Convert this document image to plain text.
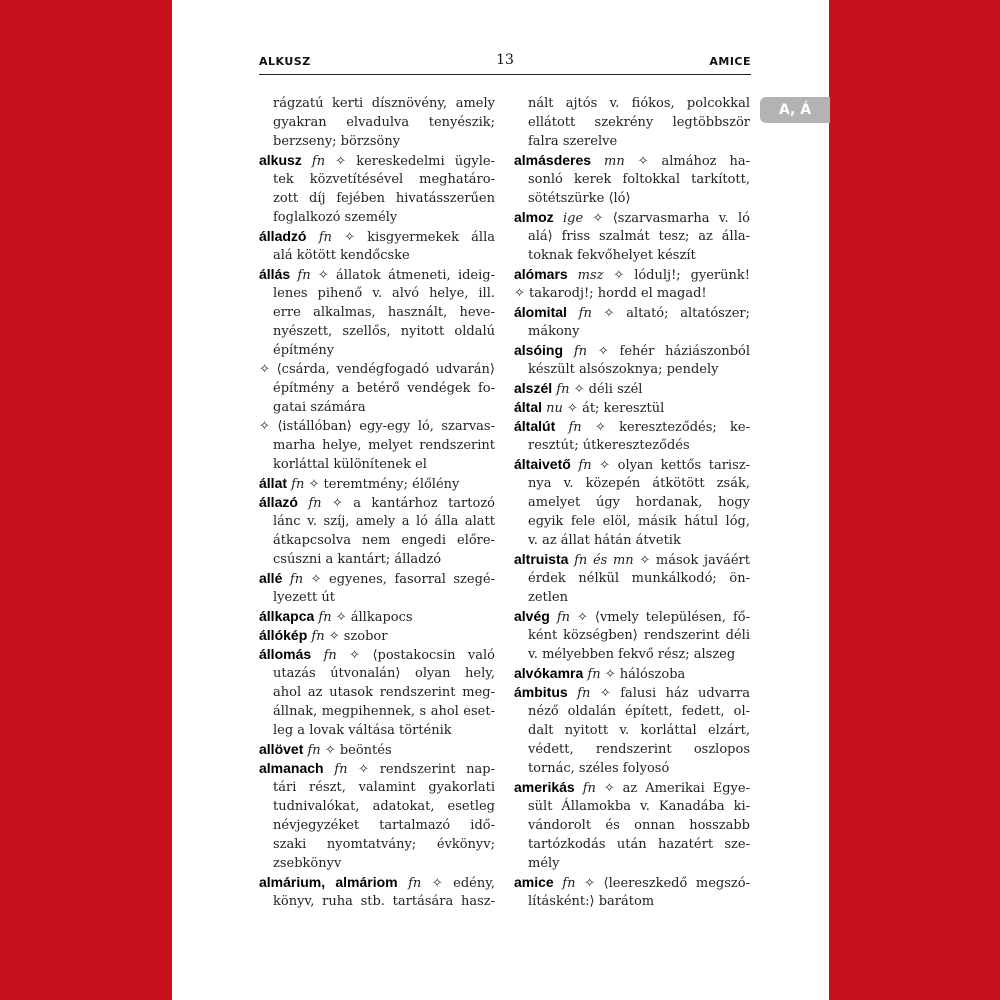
ALKUSZ	13	AMICE
A, Á
rágzatú kerti dísznövény, amely
gyakran elvadulva tenyészik;
berzseny; börzsöny
alkusz fn ✧ kereskedelmi ügyle-
tek közvetítésével meghatáro-
zott díj fejében hivatásszerűen
foglalkozó személy
álladzó fn ✧ kisgyermekek álla
alá kötött kendőcske
állás fn ✧ állatok átmeneti, ideig-
lenes pihenő v. alvó helye, ill.
erre alkalmas, használt, heve-
nyészett, szellős, nyitott oldalú
építmény
✧ ⟨csárda, vendégfogadó udvarán⟩
építmény a betérő vendégek fo-
gatai számára
✧ ⟨istállóban⟩ egy-egy ló, szarvas-
marha helye, melyet rendszerint
korláttal különítenek el
állat fn ✧ teremtmény; élőlény
állazó fn ✧ a kantárhoz tartozó
lánc v. szíj, amely a ló álla alatt
átkapcsolva nem engedi előre-
csúszni a kantárt; álladzó
allé fn ✧ egyenes, fasorral szegé-
lyezett út
állkapca fn ✧ állkapocs
állókép fn ✧ szobor
állomás fn ✧ ⟨postakocsin való
utazás útvonalán⟩ olyan hely,
ahol az utasok rendszerint meg-
állnak, megpihennek, s ahol eset-
leg a lovak váltása történik
allövet fn ✧ beöntés
almanach fn ✧ rendszerint nap-
tári részt, valamint gyakorlati
tudnivalókat, adatokat, esetleg
névjegyzéket tartalmazó idő-
szaki nyomtatvány; évkönyv;
zsebkönyv
almárium, almáriom fn ✧ edény,
könyv, ruha stb. tartására hasz-
nált ajtós v. fiókos, polcokkal
ellátott szekrény legtöbbször
falra szerelve
almásderes mn ✧ almához ha-
sonló kerek foltokkal tarkított,
sötétszürke ⟨ló⟩
almoz ige ✧ ⟨szarvasmarha v. ló
alá⟩ friss szalmát tesz; az álla-
toknak fekvőhelyet készít
alómars msz ✧ lódulj!; gyerünk!
✧ takarodj!; hordd el magad!
álomital fn ✧ altató; altatószer;
mákony
alsóing fn ✧ fehér háziászonból
készült alsószoknya; pendely
alszél fn ✧ déli szél
által nu ✧ át; keresztül
általút fn ✧ kereszteződés; ke-
resztút; útkereszteződés
áltaivető fn ✧ olyan kettős tarisz-
nya v. közepén átkötött zsák,
amelyet úgy hordanak, hogy
egyik fele elöl, másik hátul lóg,
v. az állat hátán átvetik
altruista fn és mn ✧ mások javáért
érdek nélkül munkálkodó; ön-
zetlen
alvég fn ✧ ⟨vmely településen, fő-
ként községben⟩ rendszerint déli
v. mélyebben fekvő rész; alszeg
alvókamra fn ✧ hálószoba
ámbitus fn ✧ falusi ház udvarra
néző oldalán épített, fedett, ol-
dalt nyitott v. korláttal elzárt,
védett, rendszerint oszlopos
tornác, széles folyosó
amerikás fn ✧ az Amerikai Egye-
sült Államokba v. Kanadába ki-
vándorolt és onnan hosszabb
tartózkodás után hazatért sze-
mély
amice fn ✧ ⟨leereszkedő megszó-
lításként:⟩ barátom
